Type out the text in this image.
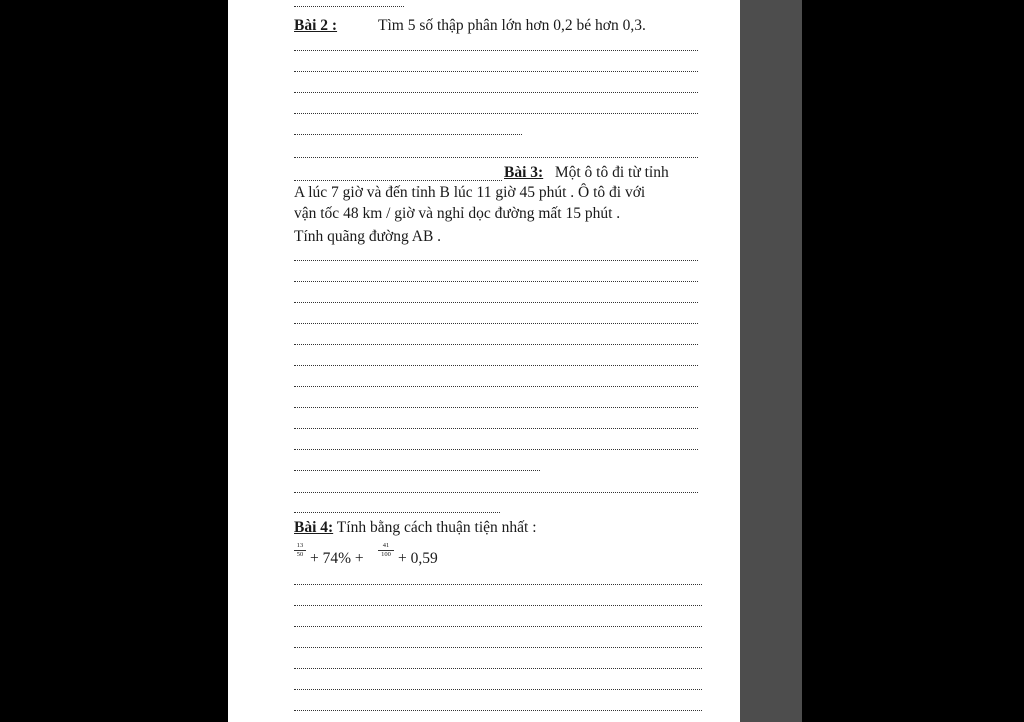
Bài 2 :	Tìm 5 số thập phân lớn hơn 0,2 bé hơn 0,3.
Bài 3: Một ô tô đi từ tỉnh
A lúc 7 giờ và đến tỉnh B lúc 11 giờ 45 phút . Ô tô đi với
vận tốc 48 km / giờ và nghỉ dọc đường mất 15 phút .
Tính quãng đường AB .
Bài 4: Tính bằng cách thuận tiện nhất :
$\frac{13}{50} + 74\% + \frac{41}{100} + 0,59$
